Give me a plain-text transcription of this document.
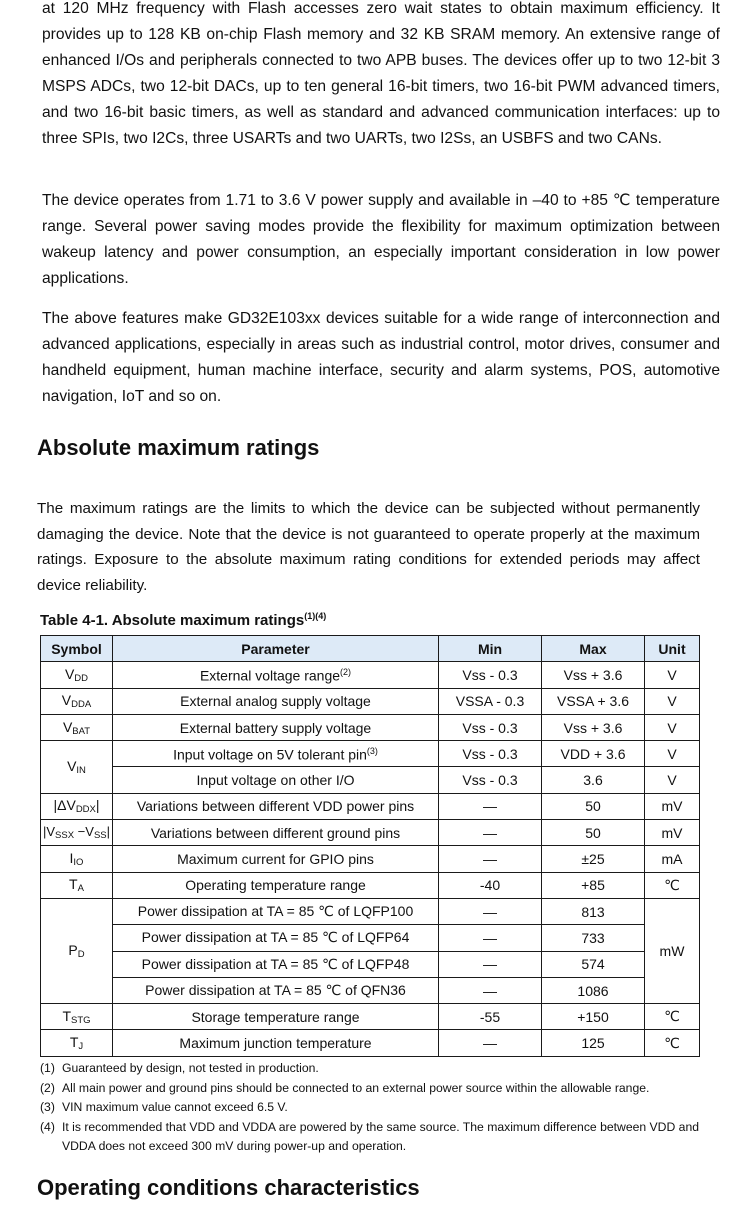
at 120 MHz frequency with Flash accesses zero wait states to obtain maximum efficiency. It provides up to 128 KB on-chip Flash memory and 32 KB SRAM memory. An extensive range of enhanced I/Os and peripherals connected to two APB buses. The devices offer up to two 12-bit 3 MSPS ADCs, two 12-bit DACs, up to ten general 16-bit timers, two 16-bit PWM advanced timers, and two 16-bit basic timers, as well as standard and advanced communication interfaces: up to three SPIs, two I2Cs, three USARTs and two UARTs, two I2Ss, an USBFS and two CANs.

The device operates from 1.71 to 3.6 V power supply and available in –40 to +85 ℃ temperature range. Several power saving modes provide the flexibility for maximum optimization between wakeup latency and power consumption, an especially important consideration in low power applications.

The above features make GD32E103xx devices suitable for a wide range of interconnection and advanced applications, especially in areas such as industrial control, motor drives, consumer and handheld equipment, human machine interface, security and alarm systems, POS, automotive navigation, IoT and so on.

Absolute maximum ratings

The maximum ratings are the limits to which the device can be subjected without permanently damaging the device. Note that the device is not guaranteed to operate properly at the maximum ratings. Exposure to the absolute maximum rating conditions for extended periods may affect device reliability.

Table 4-1. Absolute maximum ratings$^{(1)(4)}$
Symbol	Parameter	Min	Max	Unit
$V_{DD}$	External voltage range$^{(2)}$	Vss - 0.3	Vss + 3.6	V
$V_{DDA}$	External analog supply voltage	VSSA - 0.3	VSSA + 3.6	V
$V_{BAT}$	External battery supply voltage	Vss - 0.3	Vss + 3.6	V
$V_{IN}$	Input voltage on 5V tolerant pin$^{(3)}$	Vss - 0.3	VDD + 3.6	V
	Input voltage on other I/O	Vss - 0.3	3.6	V
$|\Delta V_{DDX}|$	Variations between different VDD power pins	—	50	mV
$|V_{SSX} -V_{SS}|$	Variations between different ground pins	—	50	mV
$I_{IO}$	Maximum current for GPIO pins	—	±25	mA
$T_A$	Operating temperature range	-40	+85	℃
$P_D$	Power dissipation at TA = 85 ℃ of LQFP100	—	813	mW
	Power dissipation at TA = 85 ℃ of LQFP64	—	733	
	Power dissipation at TA = 85 ℃ of LQFP48	—	574	
	Power dissipation at TA = 85 ℃ of QFN36	—	1086	
$T_{STG}$	Storage temperature range	-55	+150	℃
$T_J$	Maximum junction temperature	—	125	℃
(1) Guaranteed by design, not tested in production.
(2) All main power and ground pins should be connected to an external power source within the allowable range.
(3) VIN maximum value cannot exceed 6.5 V.
(4) It is recommended that VDD and VDDA are powered by the same source. The maximum difference between VDD and VDDA does not exceed 300 mV during power-up and operation.
Operating conditions characteristics
